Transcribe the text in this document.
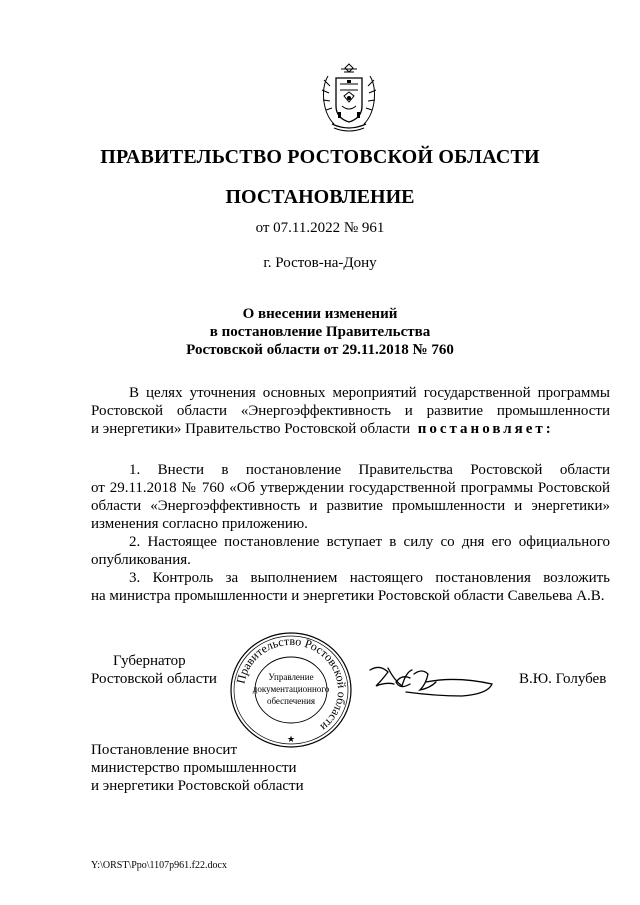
ПРАВИТЕЛЬСТВО РОСТОВСКОЙ ОБЛАСТИ
ПОСТАНОВЛЕНИЕ
от 07.11.2022 № 961
г. Ростов-на-Дону
О внесении изменений
в постановление Правительства
Ростовской области от 29.11.2018 № 760
В целях уточнения основных мероприятий государственной программы
Ростовской области «Энергоэффективность и развитие промышленности
и энергетики» Правительство Ростовской области постановляет:
1. Внести в постановление Правительства Ростовской области
от 29.11.2018 № 760 «Об утверждении государственной программы Ростовской
области «Энергоэффективность и развитие промышленности и энергетики»
изменения согласно приложению.
2. Настоящее постановление вступает в силу со дня его официального
опубликования.
3. Контроль за выполнением настоящего постановления возложить
на министра промышленности и энергетики Ростовской области Савельева А.В.
Губернатор
Ростовской области Правительство Ростовской области
Управление
документационного
обеспечения
★
В.Ю. Голубев
Постановление вносит
министерство промышленности
и энергетики Ростовской области
Y:\ORST\Ppo\1107p961.f22.docx
